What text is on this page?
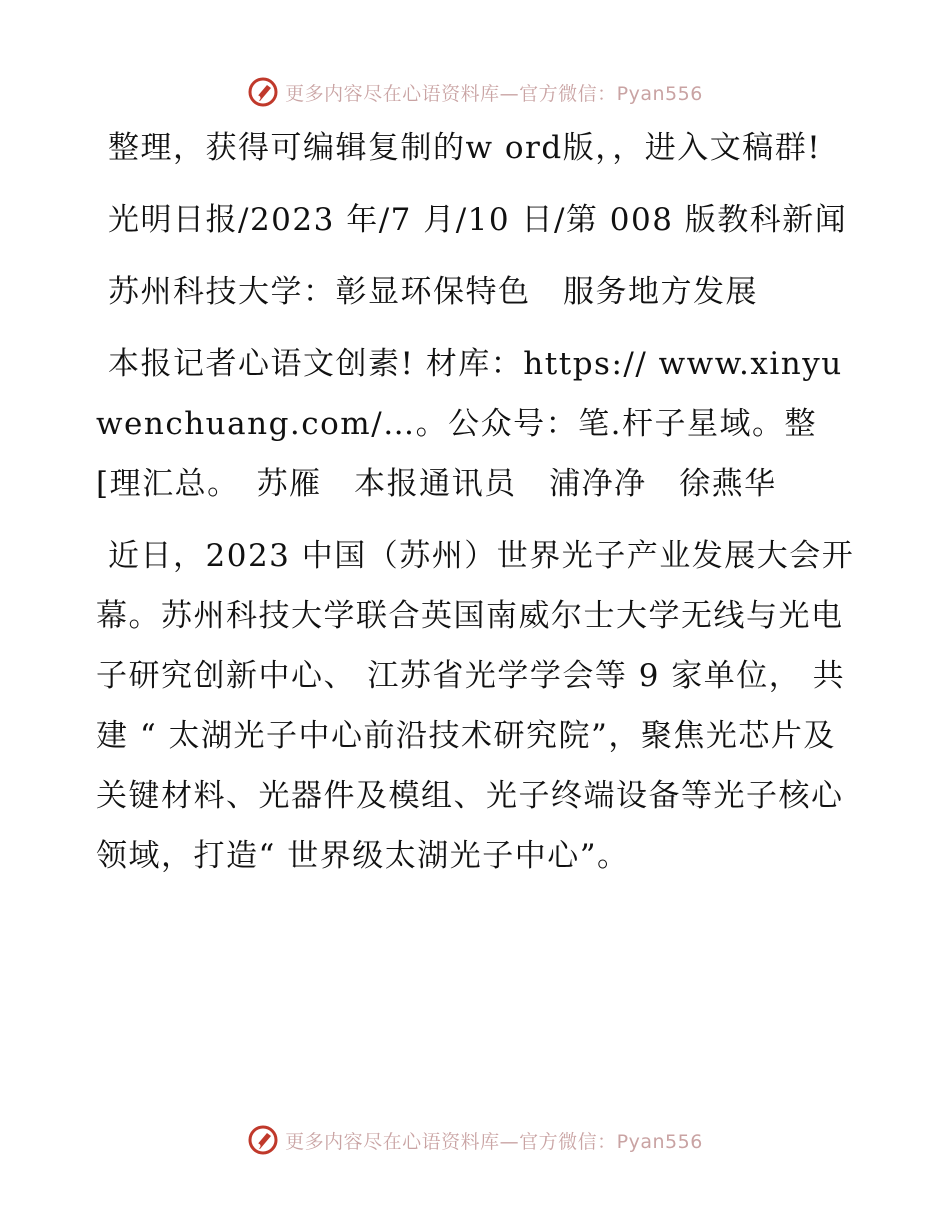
更多内容尽在心语资料库—官方微信：Pyan556

整理，获得可编辑复制的w ord版，，进入文稿群!

光明日报/2023 年/7 月/10 日/第 008 版教科新闻

苏州科技大学：彰显环保特色　服务地方发展

本报记者心语文创素! 材库：https:// www.xinyuwenchuang.com/…。公众号：笔.杆子星域。整[理汇总。　苏雁　本报通讯员　浦净净　徐燕华

近日，2023 中国（苏州）世界光子产业发展大会开幕。苏州科技大学联合英国南威尔士大学无线与光电子研究创新中心、 江苏省光学学会等 9 家单位， 共建 “ 太湖光子中心前沿技术研究院”，聚焦光芯片及关键材料、光器件及模组、光子终端设备等光子核心领域，打造“ 世界级太湖光子中心”。

更多内容尽在心语资料库—官方微信：Pyan556
